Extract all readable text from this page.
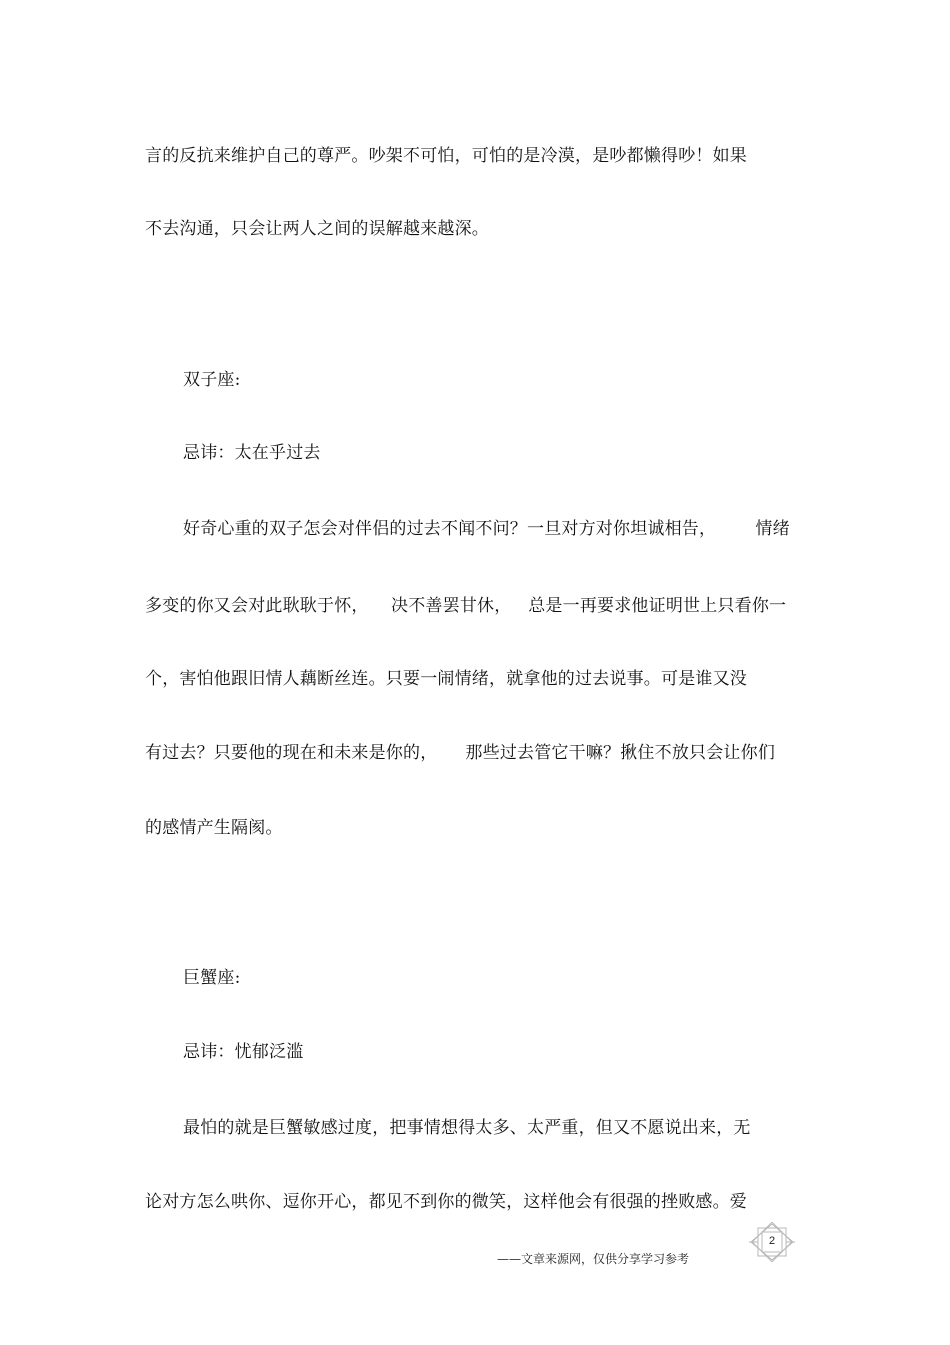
言的反抗来维护自己的尊严。吵架不可怕，可怕的是冷漠，是吵都懒得吵！如果
不去沟通，只会让两人之间的误解越来越深。
双子座:
忌讳：太在乎过去
好奇心重的双子怎会对伴侣的过去不闻不问？一旦对方对你坦诚相告，       情绪
多变的你又会对此耿耿于怀，    决不善罢甘休，   总是一再要求他证明世上只看你一
个，害怕他跟旧情人藕断丝连。只要一闹情绪，就拿他的过去说事。可是谁又没
有过去？只要他的现在和未来是你的，     那些过去管它干嘛？揪住不放只会让你们
的感情产生隔阂。
巨蟹座:
忌讳：忧郁泛滥
最怕的就是巨蟹敏感过度，把事情想得太多、太严重，但又不愿说出来，无
论对方怎么哄你、逗你开心，都见不到你的微笑，这样他会有很强的挫败感。爱
2
——文章来源网，仅供分享学习参考
